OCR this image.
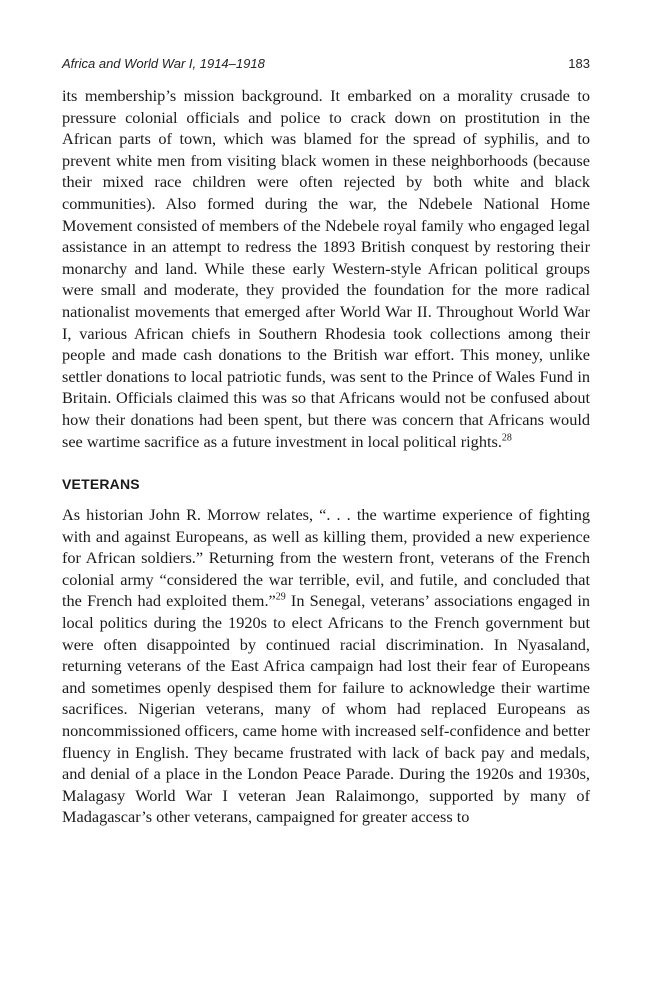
Africa and World War I, 1914–1918	183

its membership’s mission background. It embarked on a morality crusade to pressure colonial officials and police to crack down on prostitution in the African parts of town, which was blamed for the spread of syphilis, and to prevent white men from visiting black women in these neighborhoods (because their mixed race children were often rejected by both white and black communities). Also formed during the war, the Ndebele National Home Movement consisted of members of the Ndebele royal family who engaged legal assistance in an attempt to redress the 1893 British conquest by restoring their monarchy and land. While these early Western-style African political groups were small and moderate, they provided the foundation for the more radical nationalist movements that emerged after World War II. Throughout World War I, various African chiefs in Southern Rhodesia took collections among their people and made cash donations to the British war effort. This money, unlike settler donations to local patriotic funds, was sent to the Prince of Wales Fund in Britain. Officials claimed this was so that Africans would not be confused about how their donations had been spent, but there was concern that Africans would see wartime sacrifice as a future investment in local political rights.$^{28}$

VETERANS

As historian John R. Morrow relates, “. . . the wartime experience of fighting with and against Europeans, as well as killing them, provided a new experience for African soldiers.” Returning from the western front, veterans of the French colonial army “considered the war terrible, evil, and futile, and concluded that the French had exploited them.”$^{29}$ In Senegal, veterans’ associations engaged in local politics during the 1920s to elect Africans to the French government but were often disappointed by continued racial discrimination. In Nyasaland, returning veterans of the East Africa campaign had lost their fear of Europeans and sometimes openly despised them for failure to acknowledge their wartime sacrifices. Nigerian veterans, many of whom had replaced Europeans as noncommissioned officers, came home with increased self-confidence and better fluency in English. They became frustrated with lack of back pay and medals, and denial of a place in the London Peace Parade. During the 1920s and 1930s, Malagasy World War I veteran Jean Ralaimongo, supported by many of Madagascar’s other veterans, campaigned for greater access to
